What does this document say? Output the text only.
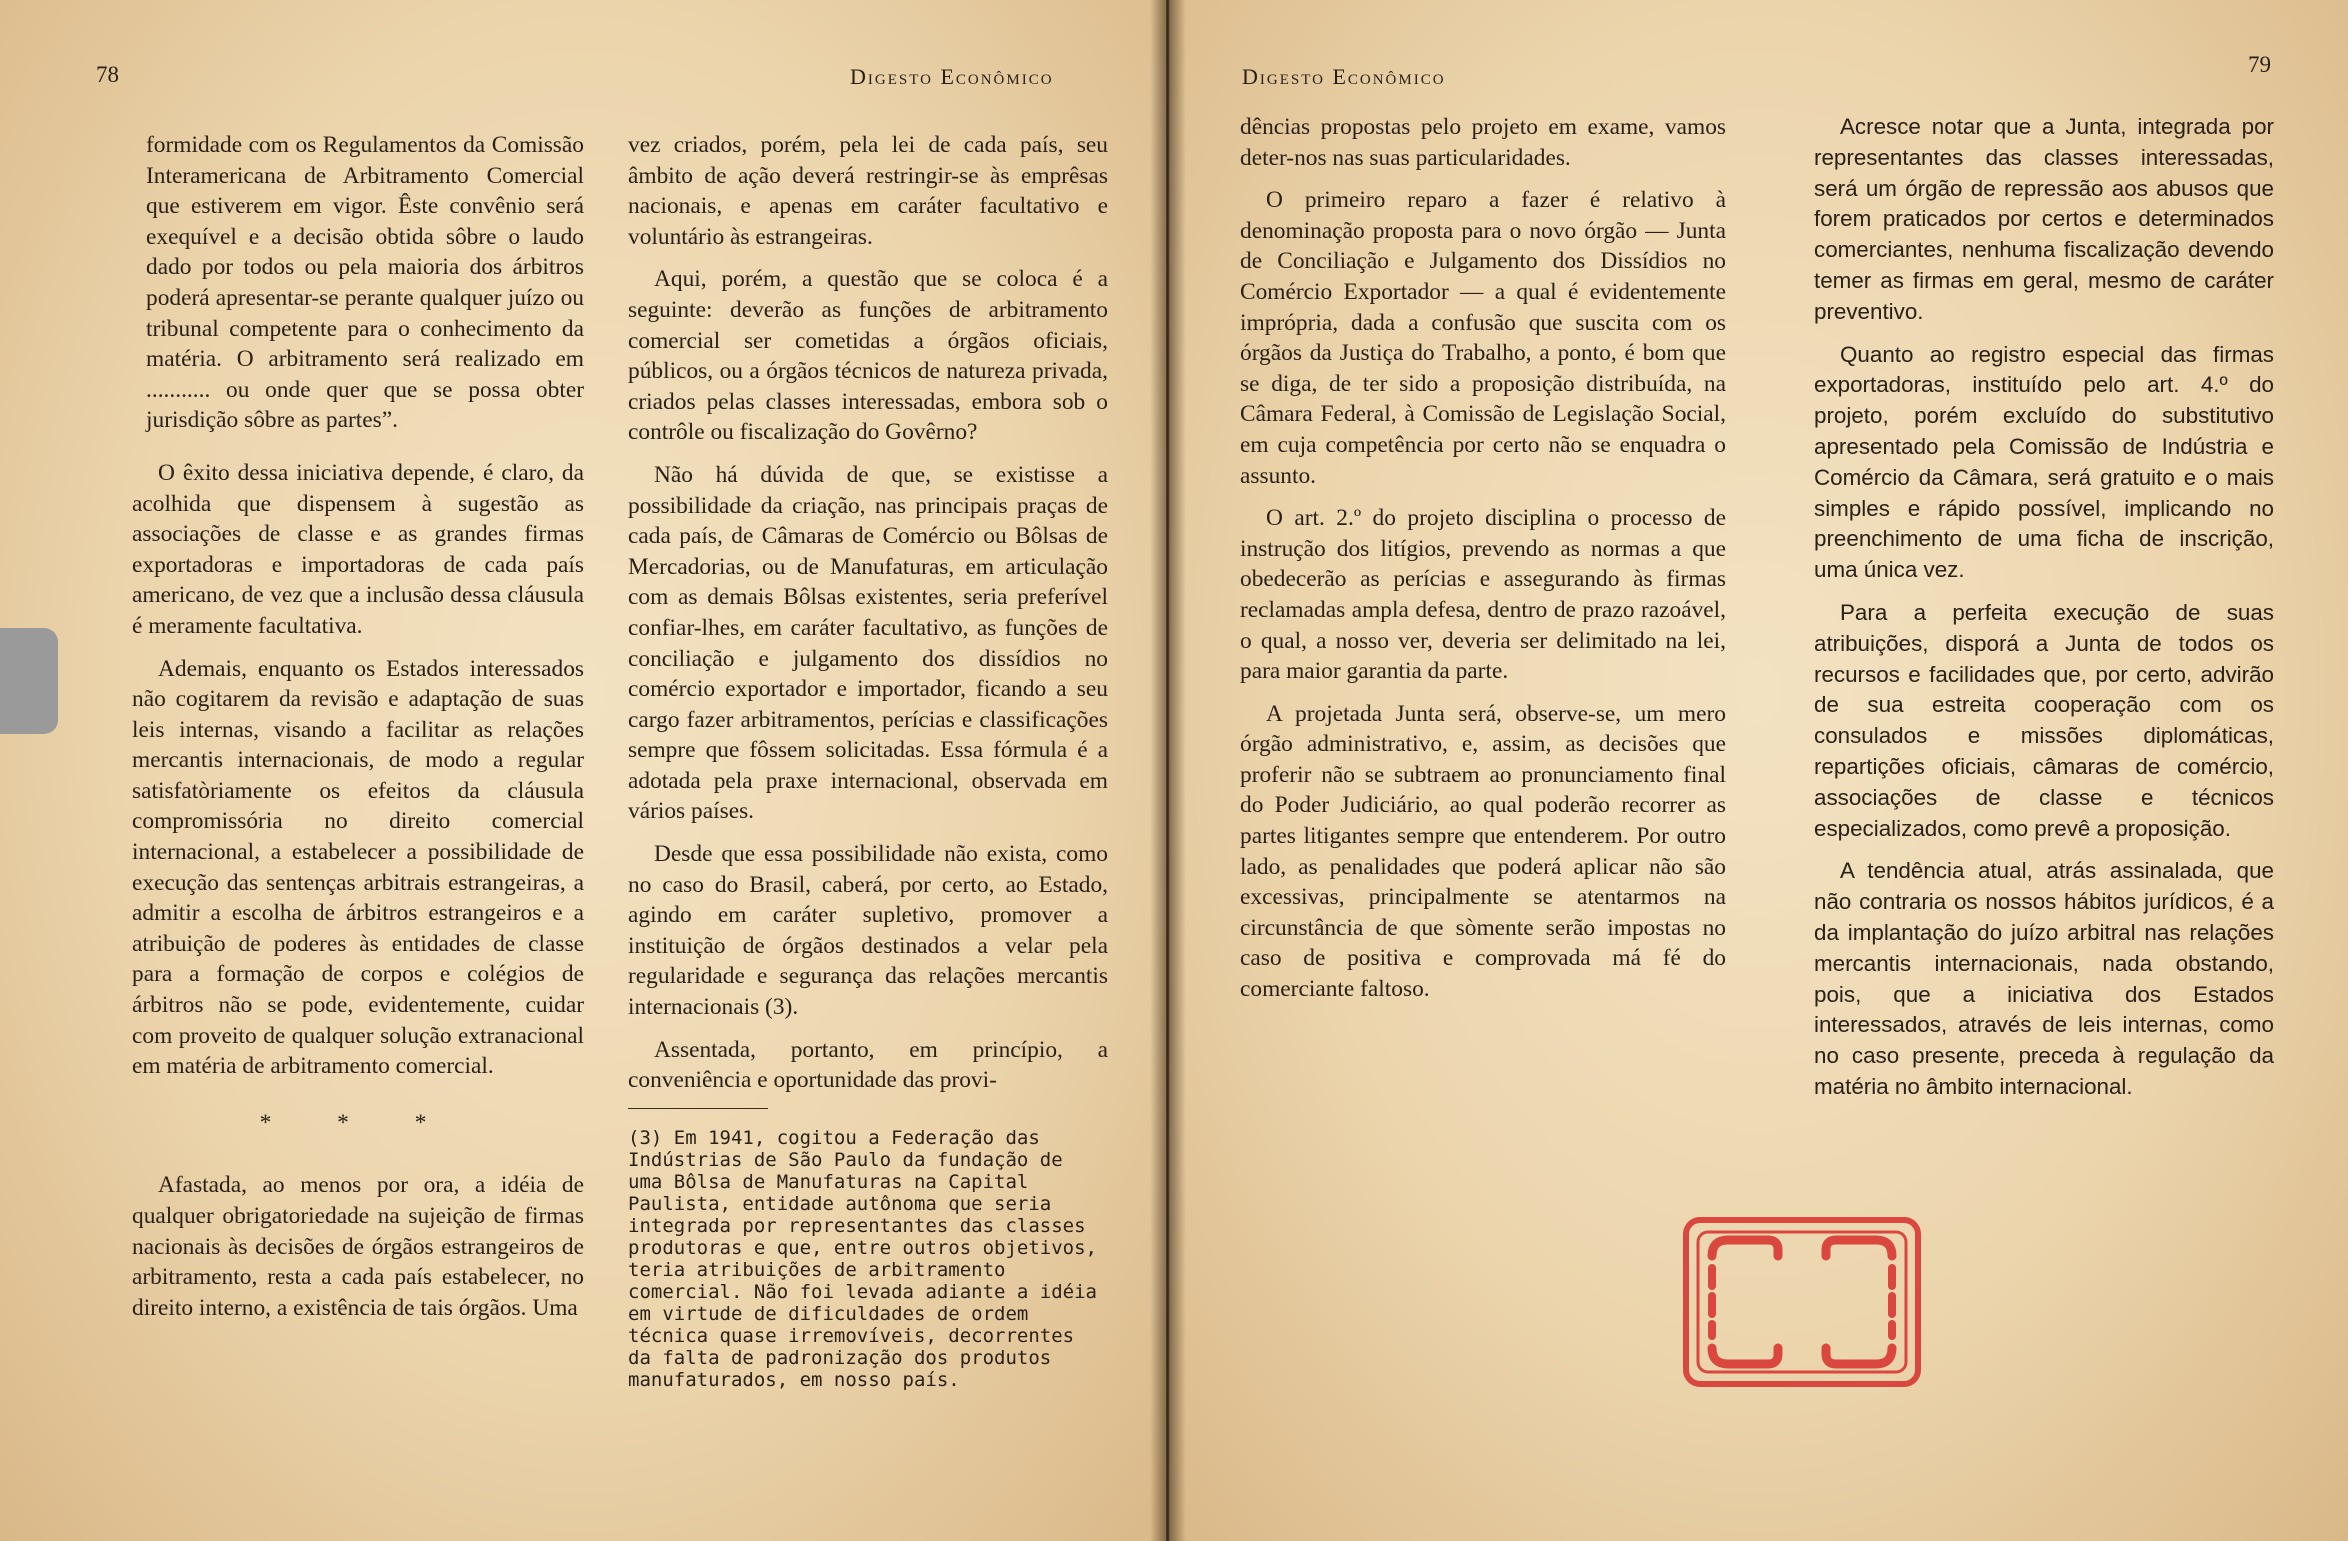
78	Digesto Econômico

formidade com os Regulamentos da Comissão Interamericana de Arbitramento Comercial que estiverem em vigor. Êste convênio será exequível e a decisão obtida sôbre o laudo dado por todos ou pela maioria dos árbitros poderá apresentar-se perante qualquer juízo ou tribunal competente para o conhecimento da matéria. O arbitramento será realizado em ........... ou onde quer que se possa obter jurisdição sôbre as partes”.

O êxito dessa iniciativa depende, é claro, da acolhida que dispensem à sugestão as associações de classe e as grandes firmas exportadoras e importadoras de cada país americano, de vez que a inclusão dessa cláusula é meramente facultativa.

Ademais, enquanto os Estados interessados não cogitarem da revisão e adaptação de suas leis internas, visando a facilitar as relações mercantis internacionais, de modo a regular satisfatòriamente os efeitos da cláusula compromissória no direito comercial internacional, a estabelecer a possibilidade de execução das sentenças arbitrais estrangeiras, a admitir a escolha de árbitros estrangeiros e a atribuição de poderes às entidades de classe para a formação de corpos e colégios de árbitros não se pode, evidentemente, cuidar com proveito de qualquer solução extranacional em matéria de arbitramento comercial.

* * *

Afastada, ao menos por ora, a idéia de qualquer obrigatoriedade na sujeição de firmas nacionais às decisões de órgãos estrangeiros de arbitramento, resta a cada país estabelecer, no direito interno, a existência de tais órgãos. Uma

vez criados, porém, pela lei de cada país, seu âmbito de ação deverá restringir-se às emprêsas nacionais, e apenas em caráter facultativo e voluntário às estrangeiras.

Aqui, porém, a questão que se coloca é a seguinte: deverão as funções de arbitramento comercial ser cometidas a órgãos oficiais, públicos, ou a órgãos técnicos de natureza privada, criados pelas classes interessadas, embora sob o contrôle ou fiscalização do Govêrno?

Não há dúvida de que, se existisse a possibilidade da criação, nas principais praças de cada país, de Câmaras de Comércio ou Bôlsas de Mercadorias, ou de Manufaturas, em articulação com as demais Bôlsas existentes, seria preferível confiar-lhes, em caráter facultativo, as funções de conciliação e julgamento dos dissídios no comércio exportador e importador, ficando a seu cargo fazer arbitramentos, perícias e classificações sempre que fôssem solicitadas. Essa fórmula é a adotada pela praxe internacional, observada em vários países.

Desde que essa possibilidade não exista, como no caso do Brasil, caberá, por certo, ao Estado, agindo em caráter supletivo, promover a instituição de órgãos destinados a velar pela regularidade e segurança das relações mercantis internacionais (3).

Assentada, portanto, em princípio, a conveniência e oportunidade das provi-

(3) Em 1941, cogitou a Federação das Indústrias de São Paulo da fundação de uma Bôlsa de Manufaturas na Capital Paulista, entidade autônoma que seria integrada por representantes das classes produtoras e que, entre outros objetivos, teria atribuições de arbitramento comercial. Não foi levada adiante a idéia em virtude de dificuldades de ordem técnica quase irremovíveis, decorrentes da falta de padronização dos produtos manufaturados, em nosso país.
Digesto Econômico	79

dências propostas pelo projeto em exame, vamos deter-nos nas suas particularidades.

O primeiro reparo a fazer é relativo à denominação proposta para o novo órgão — Junta de Conciliação e Julgamento dos Dissídios no Comércio Exportador — a qual é evidentemente imprópria, dada a confusão que suscita com os órgãos da Justiça do Trabalho, a ponto, é bom que se diga, de ter sido a proposição distribuída, na Câmara Federal, à Comissão de Legislação Social, em cuja competência por certo não se enquadra o assunto.

O art. 2.º do projeto disciplina o processo de instrução dos litígios, prevendo as normas a que obedecerão as perícias e assegurando às firmas reclamadas ampla defesa, dentro de prazo razoável, o qual, a nosso ver, deveria ser delimitado na lei, para maior garantia da parte.

A projetada Junta será, observe-se, um mero órgão administrativo, e, assim, as decisões que proferir não se subtraem ao pronunciamento final do Poder Judiciário, ao qual poderão recorrer as partes litigantes sempre que entenderem. Por outro lado, as penalidades que poderá aplicar não são excessivas, principalmente se atentarmos na circunstância de que sòmente serão impostas no caso de positiva e comprovada má fé do comerciante faltoso.

Acresce notar que a Junta, integrada por representantes das classes interessadas, será um órgão de repressão aos abusos que forem praticados por certos e determinados comerciantes, nenhuma fiscalização devendo temer as firmas em geral, mesmo de caráter preventivo.

Quanto ao registro especial das firmas exportadoras, instituído pelo art. 4.º do projeto, porém excluído do substitutivo apresentado pela Comissão de Indústria e Comércio da Câmara, será gratuito e o mais simples e rápido possível, implicando no preenchimento de uma ficha de inscrição, uma única vez.

Para a perfeita execução de suas atribuições, disporá a Junta de todos os recursos e facilidades que, por certo, advirão de sua estreita cooperação com os consulados e missões diplomáticas, repartições oficiais, câmaras de comércio, associações de classe e técnicos especializados, como prevê a proposição.

A tendência atual, atrás assinalada, que não contraria os nossos hábitos jurídicos, é a da implantação do juízo arbitral nas relações mercantis internacionais, nada obstando, pois, que a iniciativa dos Estados interessados, através de leis internas, como no caso presente, preceda à regulação da matéria no âmbito internacional.
